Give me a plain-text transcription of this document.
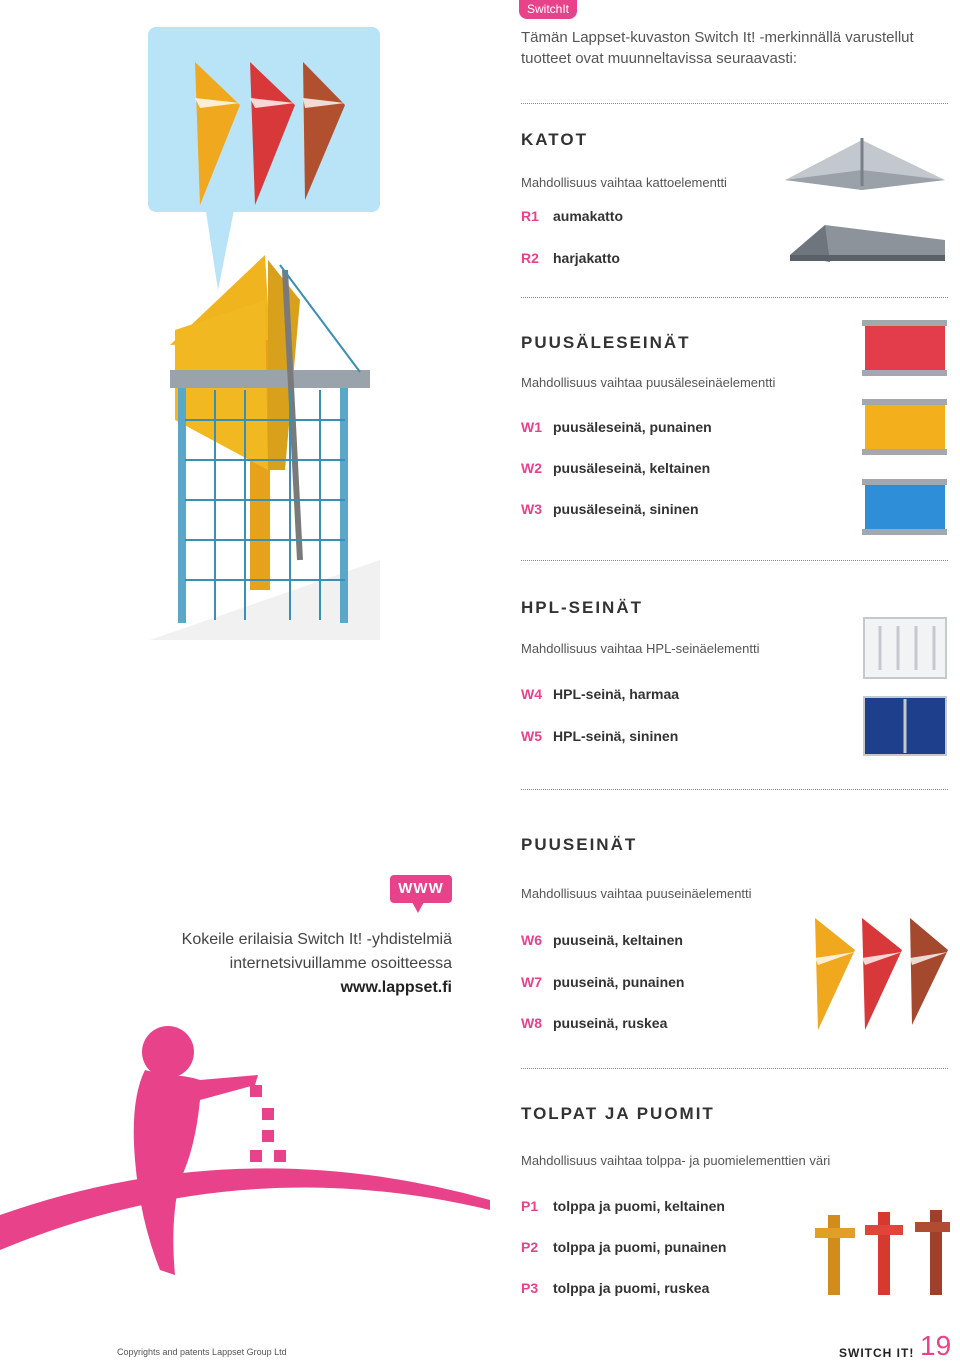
SwitchIt
Tämän Lappset-kuvaston Switch It! -merkinnällä varustellut tuotteet ovat muunneltavissa seuraavasti:
KATOT
Mahdollisuus vaihtaa kattoelementti
R1 aumakatto
R2 harjakatto
PUUSÄLESEINÄT
Mahdollisuus vaihtaa puusäleseinäelementti
W1 puusäleseinä, punainen
W2 puusäleseinä, keltainen
W3 puusäleseinä, sininen
HPL-SEINÄT
Mahdollisuus vaihtaa HPL-seinäelementti
W4 HPL-seinä, harmaa
W5 HPL-seinä, sininen
PUUSEINÄT
Mahdollisuus vaihtaa puuseinäelementti
W6 puuseinä, keltainen
W7 puuseinä, punainen
W8 puuseinä, ruskea
TOLPAT JA PUOMIT
Mahdollisuus vaihtaa tolppa- ja puomielementtien väri
P1 tolppa ja puomi, keltainen
P2 tolppa ja puomi, punainen
P3 tolppa ja puomi, ruskea
WWW
Kokeile erilaisia Switch It! -yhdistelmiä
internetsivuillamme osoitteessa
www.lappset.fi
Copyrights and patents Lappset Group Ltd	SWITCH IT! 19
